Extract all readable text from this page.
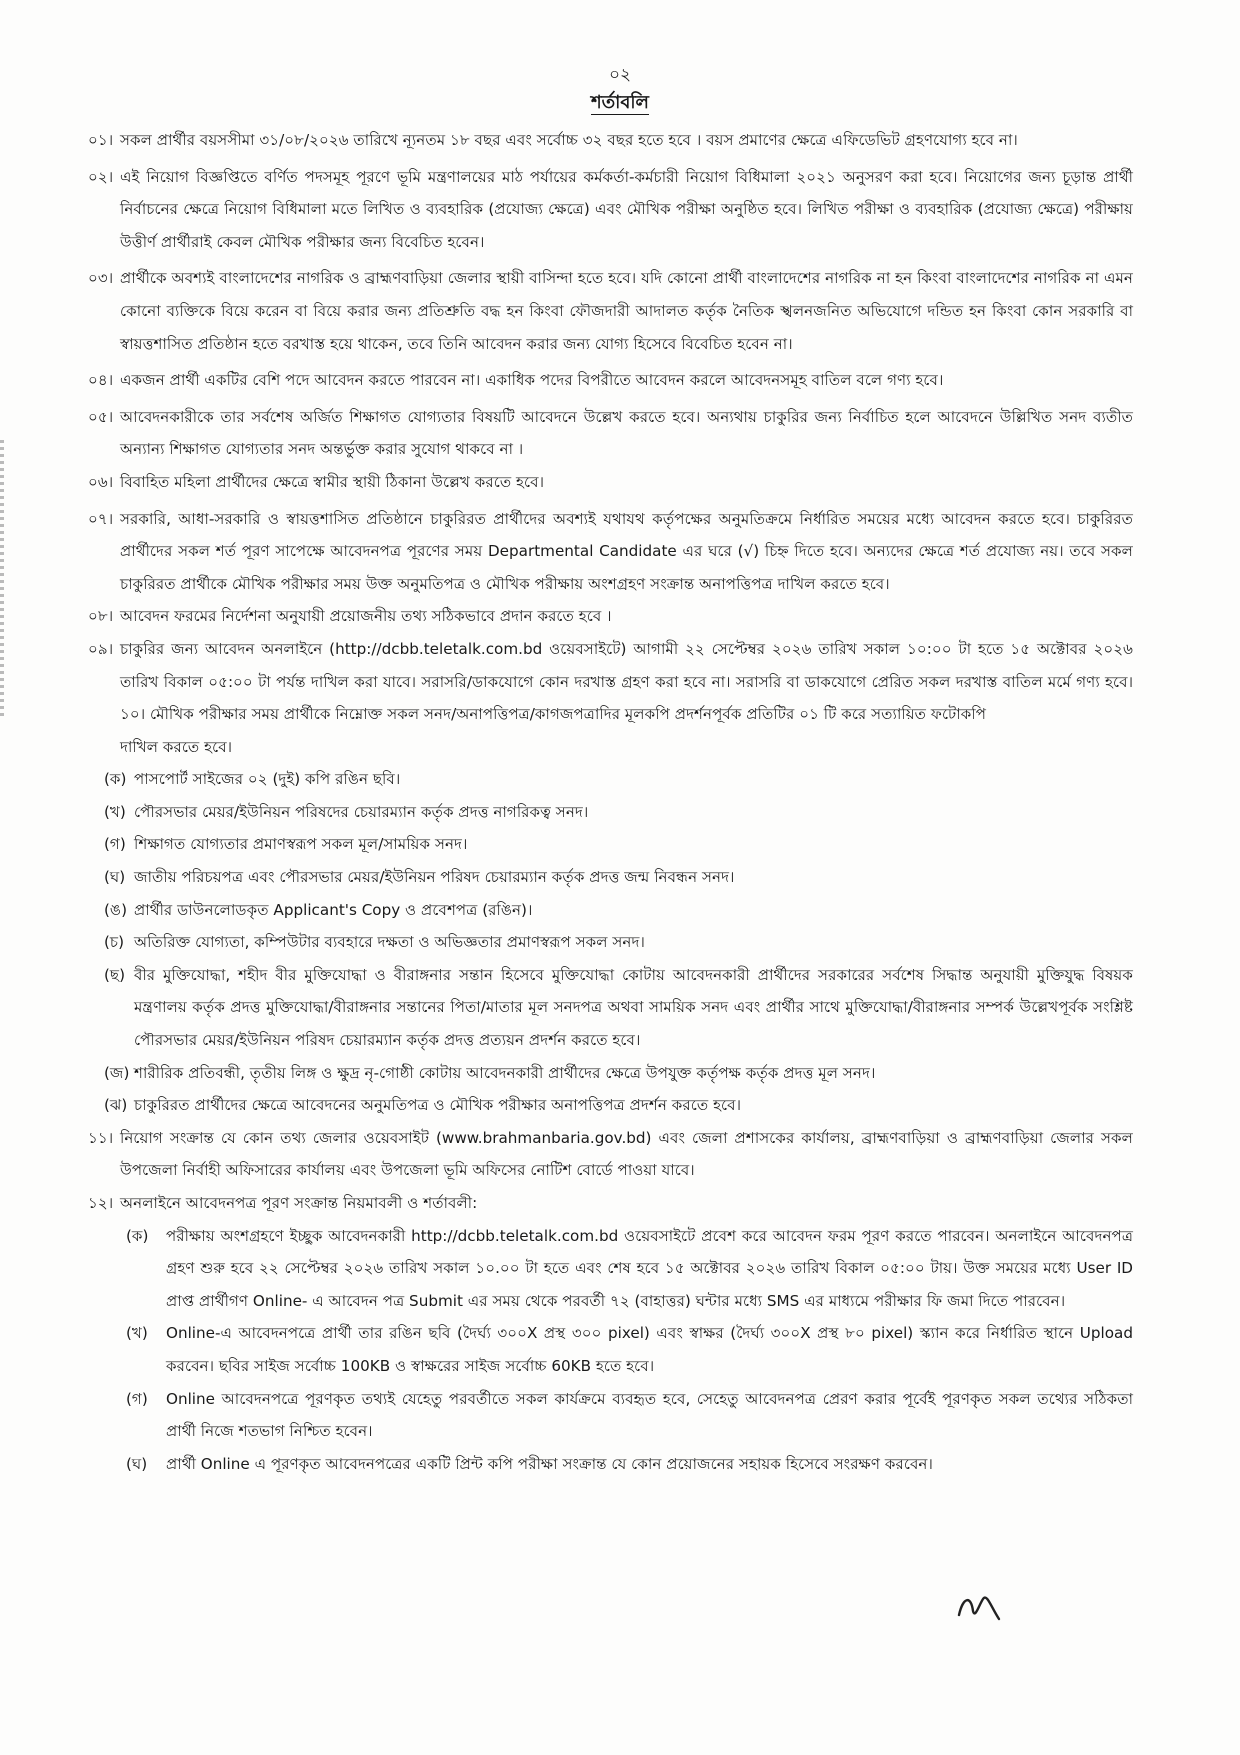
০২
শর্তাবলি
০১। সকল প্রার্থীর বয়সসীমা ৩১/০৮/২০২৬ তারিখে ন্যূনতম ১৮ বছর এবং সর্বোচ্চ ৩২ বছর হতে হবে । বয়স প্রমাণের ক্ষেত্রে এফিডেভিট গ্রহণযোগ্য হবে না।

০২। এই নিয়োগ বিজ্ঞপ্তিতে বর্ণিত পদসমূহ পূরণে ভূমি মন্ত্রণালয়ের মাঠ পর্যায়ের কর্মকর্তা-কর্মচারী নিয়োগ বিধিমালা ২০২১ অনুসরণ করা হবে। নিয়োগের জন্য চূড়ান্ত প্রার্থী নির্বাচনের ক্ষেত্রে নিয়োগ বিধিমালা মতে লিখিত ও ব্যবহারিক (প্রযোজ্য ক্ষেত্রে) এবং মৌখিক পরীক্ষা অনুষ্ঠিত হবে। লিখিত পরীক্ষা ও ব্যবহারিক (প্রযোজ্য ক্ষেত্রে) পরীক্ষায় উত্তীর্ণ প্রার্থীরাই কেবল মৌখিক পরীক্ষার জন্য বিবেচিত হবেন।

০৩। প্রার্থীকে অবশ্যই বাংলাদেশের নাগরিক ও ব্রাহ্মণবাড়িয়া জেলার স্থায়ী বাসিন্দা হতে হবে। যদি কোনো প্রার্থী বাংলাদেশের নাগরিক না হন কিংবা বাংলাদেশের নাগরিক না এমন কোনো ব্যক্তিকে বিয়ে করেন বা বিয়ে করার জন্য প্রতিশ্রুতি বদ্ধ হন কিংবা ফৌজদারী আদালত কর্তৃক নৈতিক স্খলনজনিত অভিযোগে দন্ডিত হন কিংবা কোন সরকারি বা স্বায়ত্তশাসিত প্রতিষ্ঠান হতে বরখাস্ত হয়ে থাকেন, তবে তিনি আবেদন করার জন্য যোগ্য হিসেবে বিবেচিত হবেন না।

০৪। একজন প্রার্থী একটির বেশি পদে আবেদন করতে পারবেন না। একাধিক পদের বিপরীতে আবেদন করলে আবেদনসমূহ বাতিল বলে গণ্য হবে।

০৫। আবেদনকারীকে তার সর্বশেষ অর্জিত শিক্ষাগত যোগ্যতার বিষয়টি আবেদনে উল্লেখ করতে হবে। অন্যথায় চাকুরির জন্য নির্বাচিত হলে আবেদনে উল্লিখিত সনদ ব্যতীত অন্যান্য শিক্ষাগত যোগ্যতার সনদ অন্তর্ভুক্ত করার সুযোগ থাকবে না ।

০৬। বিবাহিত মহিলা প্রার্থীদের ক্ষেত্রে স্বামীর স্থায়ী ঠিকানা উল্লেখ করতে হবে।

০৭। সরকারি, আধা-সরকারি ও স্বায়ত্তশাসিত প্রতিষ্ঠানে চাকুরিরত প্রার্থীদের অবশ্যই যথাযথ কর্তৃপক্ষের অনুমতিক্রমে নির্ধারিত সময়ের মধ্যে আবেদন করতে হবে। চাকুরিরত প্রার্থীদের সকল শর্ত পূরণ সাপেক্ষে আবেদনপত্র পূরণের সময় Departmental Candidate এর ঘরে (√) চিহ্ন দিতে হবে। অন্যদের ক্ষেত্রে শর্ত প্রযোজ্য নয়। তবে সকল চাকুরিরত প্রার্থীকে মৌখিক পরীক্ষার সময় উক্ত অনুমতিপত্র ও মৌখিক পরীক্ষায় অংশগ্রহণ সংক্রান্ত অনাপত্তিপত্র দাখিল করতে হবে।

০৮। আবেদন ফরমের নির্দেশনা অনুযায়ী প্রয়োজনীয় তথ্য সঠিকভাবে প্রদান করতে হবে ।

০৯। চাকুরির জন্য আবেদন অনলাইনে (http://dcbb.teletalk.com.bd ওয়েবসাইটে) আগামী ২২ সেপ্টেম্বর ২০২৬ তারিখ সকাল ১০:০০ টা হতে ১৫ অক্টোবর ২০২৬ তারিখ বিকাল ০৫:০০ টা পর্যন্ত দাখিল করা যাবে। সরাসরি/ডাকযোগে কোন দরখাস্ত গ্রহণ করা হবে না। সরাসরি বা ডাকযোগে প্রেরিত সকল দরখাস্ত বাতিল মর্মে গণ্য হবে। ১০। মৌখিক পরীক্ষার সময় প্রার্থীকে নিম্নোক্ত সকল সনদ/অনাপত্তিপত্র/কাগজপত্রাদির মূলকপি প্রদর্শনপূর্বক প্রতিটির ০১ টি করে সত্যায়িত ফটোকপি

দাখিল করতে হবে।
(ক) পাসপোর্ট সাইজের ০২ (দুই) কপি রঙিন ছবি।
(খ) পৌরসভার মেয়র/ইউনিয়ন পরিষদের চেয়ারম্যান কর্তৃক প্রদত্ত নাগরিকত্ব সনদ।
(গ) শিক্ষাগত যোগ্যতার প্রমাণস্বরূপ সকল মূল/সাময়িক সনদ।
(ঘ) জাতীয় পরিচয়পত্র এবং পৌরসভার মেয়র/ইউনিয়ন পরিষদ চেয়ারম্যান কর্তৃক প্রদত্ত জন্ম নিবন্ধন সনদ।
(ঙ) প্রার্থীর ডাউনলোডকৃত Applicant's Copy ও প্রবেশপত্র (রঙিন)।
(চ) অতিরিক্ত যোগ্যতা, কম্পিউটার ব্যবহারে দক্ষতা ও অভিজ্ঞতার প্রমাণস্বরূপ সকল সনদ।
(ছ) বীর মুক্তিযোদ্ধা, শহীদ বীর মুক্তিযোদ্ধা ও বীরাঙ্গনার সন্তান হিসেবে মুক্তিযোদ্ধা কোটায় আবেদনকারী প্রার্থীদের সরকারের সর্বশেষ সিদ্ধান্ত অনুযায়ী মুক্তিযুদ্ধ বিষয়ক মন্ত্রণালয় কর্তৃক প্রদত্ত মুক্তিযোদ্ধা/বীরাঙ্গনার সন্তানের পিতা/মাতার মূল সনদপত্র অথবা সাময়িক সনদ এবং প্রার্থীর সাথে মুক্তিযোদ্ধা/বীরাঙ্গনার সম্পর্ক উল্লেখপূর্বক সংশ্লিষ্ট পৌরসভার মেয়র/ইউনিয়ন পরিষদ চেয়ারম্যান কর্তৃক প্রদত্ত প্রত্যয়ন প্রদর্শন করতে হবে।
(জ) শারীরিক প্রতিবন্ধী, তৃতীয় লিঙ্গ ও ক্ষুদ্র নৃ-গোষ্ঠী কোটায় আবেদনকারী প্রার্থীদের ক্ষেত্রে উপযুক্ত কর্তৃপক্ষ কর্তৃক প্রদত্ত মূল সনদ।
(ঝ) চাকুরিরত প্রার্থীদের ক্ষেত্রে আবেদনের অনুমতিপত্র ও মৌখিক পরীক্ষার অনাপত্তিপত্র প্রদর্শন করতে হবে।
১১। নিয়োগ সংক্রান্ত যে কোন তথ্য জেলার ওয়েবসাইট (www.brahmanbaria.gov.bd) এবং জেলা প্রশাসকের কার্যালয়, ব্রাহ্মণবাড়িয়া ও ব্রাহ্মণবাড়িয়া জেলার সকল উপজেলা নির্বাহী অফিসারের কার্যালয় এবং উপজেলা ভূমি অফিসের নোটিশ বোর্ডে পাওয়া যাবে।

১২। অনলাইনে আবেদনপত্র পূরণ সংক্রান্ত নিয়মাবলী ও শর্তাবলী:

(ক) পরীক্ষায় অংশগ্রহণে ইচ্ছুক আবেদনকারী http://dcbb.teletalk.com.bd ওয়েবসাইটে প্রবেশ করে আবেদন ফরম পূরণ করতে পারবেন। অনলাইনে আবেদনপত্র গ্রহণ শুরু হবে ২২ সেপ্টেম্বর ২০২৬ তারিখ সকাল ১০.০০ টা হতে এবং শেষ হবে ১৫ অক্টোবর ২০২৬ তারিখ বিকাল ০৫:০০ টায়। উক্ত সময়ের মধ্যে User ID প্রাপ্ত প্রার্থীগণ Online- এ আবেদন পত্র Submit এর সময় থেকে পরবর্তী ৭২ (বাহাত্তর) ঘন্টার মধ্যে SMS এর মাধ্যমে পরীক্ষার ফি জমা দিতে পারবেন।
(খ) Online-এ আবেদনপত্রে প্রার্থী তার রঙিন ছবি (দৈর্ঘ্য ৩০০X প্রস্থ ৩০০ pixel) এবং স্বাক্ষর (দৈর্ঘ্য ৩০০X প্রস্থ ৮০ pixel) স্ক্যান করে নির্ধারিত স্থানে Upload করবেন। ছবির সাইজ সর্বোচ্চ 100KB ও স্বাক্ষরের সাইজ সর্বোচ্চ 60KB হতে হবে।
(গ) Online আবেদনপত্রে পূরণকৃত তথ্যই যেহেতু পরবর্তীতে সকল কার্যক্রমে ব্যবহৃত হবে, সেহেতু আবেদনপত্র প্রেরণ করার পূর্বেই পূরণকৃত সকল তথ্যের সঠিকতা প্রার্থী নিজে শতভাগ নিশ্চিত হবেন।
(ঘ) প্রার্থী Online এ পূরণকৃত আবেদনপত্রের একটি প্রিন্ট কপি পরীক্ষা সংক্রান্ত যে কোন প্রয়োজনের সহায়ক হিসেবে সংরক্ষণ করবেন।
